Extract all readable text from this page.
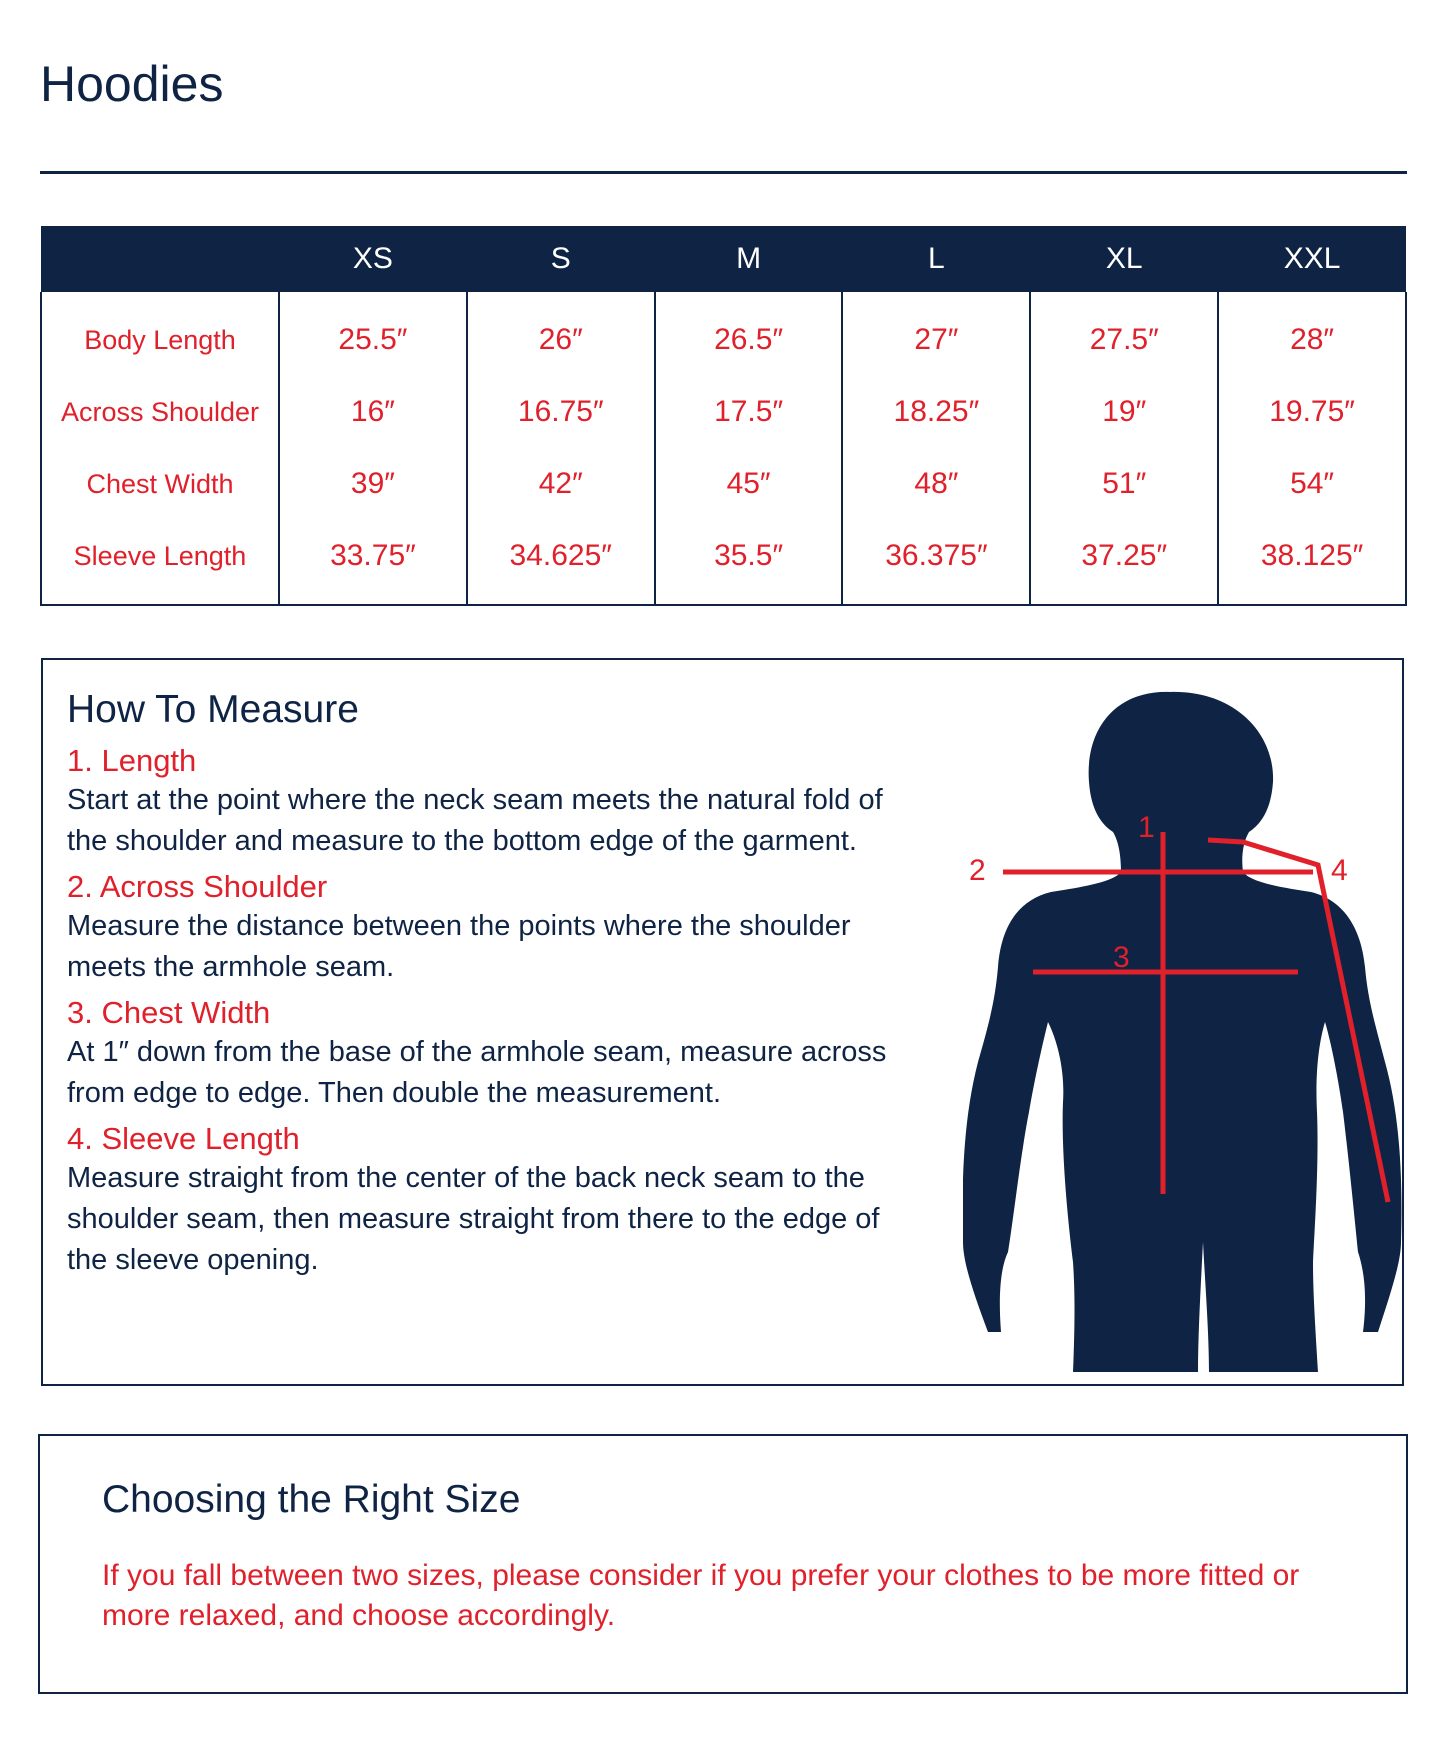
Hoodies
	XS	S	M	L	XL	XXL
Body Length	25.5″	26″	26.5″	27″	27.5″	28″
Across Shoulder	16″	16.75″	17.5″	18.25″	19″	19.75″
Chest Width	39″	42″	45″	48″	51″	54″
Sleeve Length	33.75″	34.625″	35.5″	36.375″	37.25″	38.125″
How To Measure

1. Length

Start at the point where the neck seam meets the natural fold of the shoulder and measure to the bottom edge of the garment.

2. Across Shoulder

Measure the distance between the points where the shoulder meets the armhole seam.

3. Chest Width

At 1″ down from the base of the armhole seam, measure across from edge to edge. Then double the measurement.

4. Sleeve Length

Measure straight from the center of the back neck seam to the shoulder seam, then measure straight from there to the edge of the sleeve opening.

1
2
3
4
Choosing the Right Size

If you fall between two sizes, please consider if you prefer your clothes to be more fitted or more relaxed, and choose accordingly.
